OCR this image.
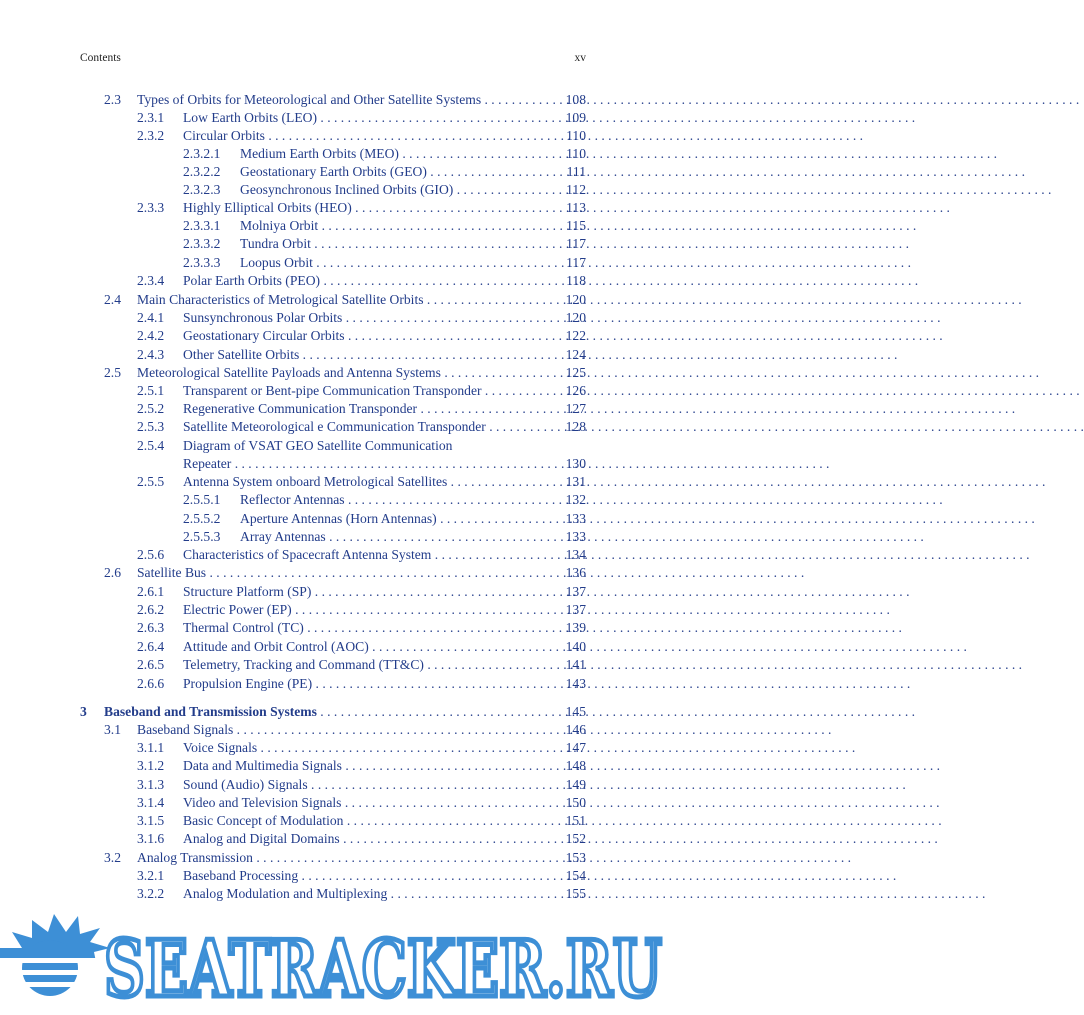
Contents	xv
2.3 Types of Orbits for Meteorological and Other Satellite Systems . . .	108
2.3.1 Low Earth Orbits (LEO) . . .	109
2.3.2 Circular Orbits . . .	110
2.3.2.1 Medium Earth Orbits (MEO) . . .	110
2.3.2.2 Geostationary Earth Orbits (GEO) . . .	111
2.3.2.3 Geosynchronous Inclined Orbits (GIO) . . .	112
2.3.3 Highly Elliptical Orbits (HEO) . . .	113
2.3.3.1 Molniya Orbit . . .	115
2.3.3.2 Tundra Orbit . . .	117
2.3.3.3 Loopus Orbit . . .	117
2.3.4 Polar Earth Orbits (PEO) . . .	118
2.4 Main Characteristics of Metrological Satellite Orbits . . .	120
2.4.1 Sunsynchronous Polar Orbits . . .	120
2.4.2 Geostationary Circular Orbits . . .	122
2.4.3 Other Satellite Orbits . . .	124
2.5 Meteorological Satellite Payloads and Antenna Systems . . .	125
2.5.1 Transparent or Bent-pipe Communication Transponder . . .	126
2.5.2 Regenerative Communication Transponder . . .	127
2.5.3 Satellite Meteorological e Communication Transponder . . .	128
2.5.4 Diagram of VSAT GEO Satellite Communication
Repeater . . .	130
2.5.5 Antenna System onboard Metrological Satellites . . .	131
2.5.5.1 Reflector Antennas . . .	132
2.5.5.2 Aperture Antennas (Horn Antennas) . . .	133
2.5.5.3 Array Antennas . . .	133
2.5.6 Characteristics of Spacecraft Antenna System . . .	134
2.6 Satellite Bus . . .	136
2.6.1 Structure Platform (SP) . . .	137
2.6.2 Electric Power (EP) . . .	137
2.6.3 Thermal Control (TC) . . .	139
2.6.4 Attitude and Orbit Control (AOC) . . .	140
2.6.5 Telemetry, Tracking and Command (TT&C) . . .	141
2.6.6 Propulsion Engine (PE) . . .	143
3 Baseband and Transmission Systems . . .	145
3.1 Baseband Signals . . .	146
3.1.1 Voice Signals . . .	147
3.1.2 Data and Multimedia Signals . . .	148
3.1.3 Sound (Audio) Signals . . .	149
3.1.4 Video and Television Signals . . .	150
3.1.5 Basic Concept of Modulation . . .	151
3.1.6 Analog and Digital Domains . . .	152
3.2 Analog Transmission . . .	153
3.2.1 Baseband Processing . . .	154
3.2.2 Analog Modulation and Multiplexing . . .	155
SEATRACKER.RU
